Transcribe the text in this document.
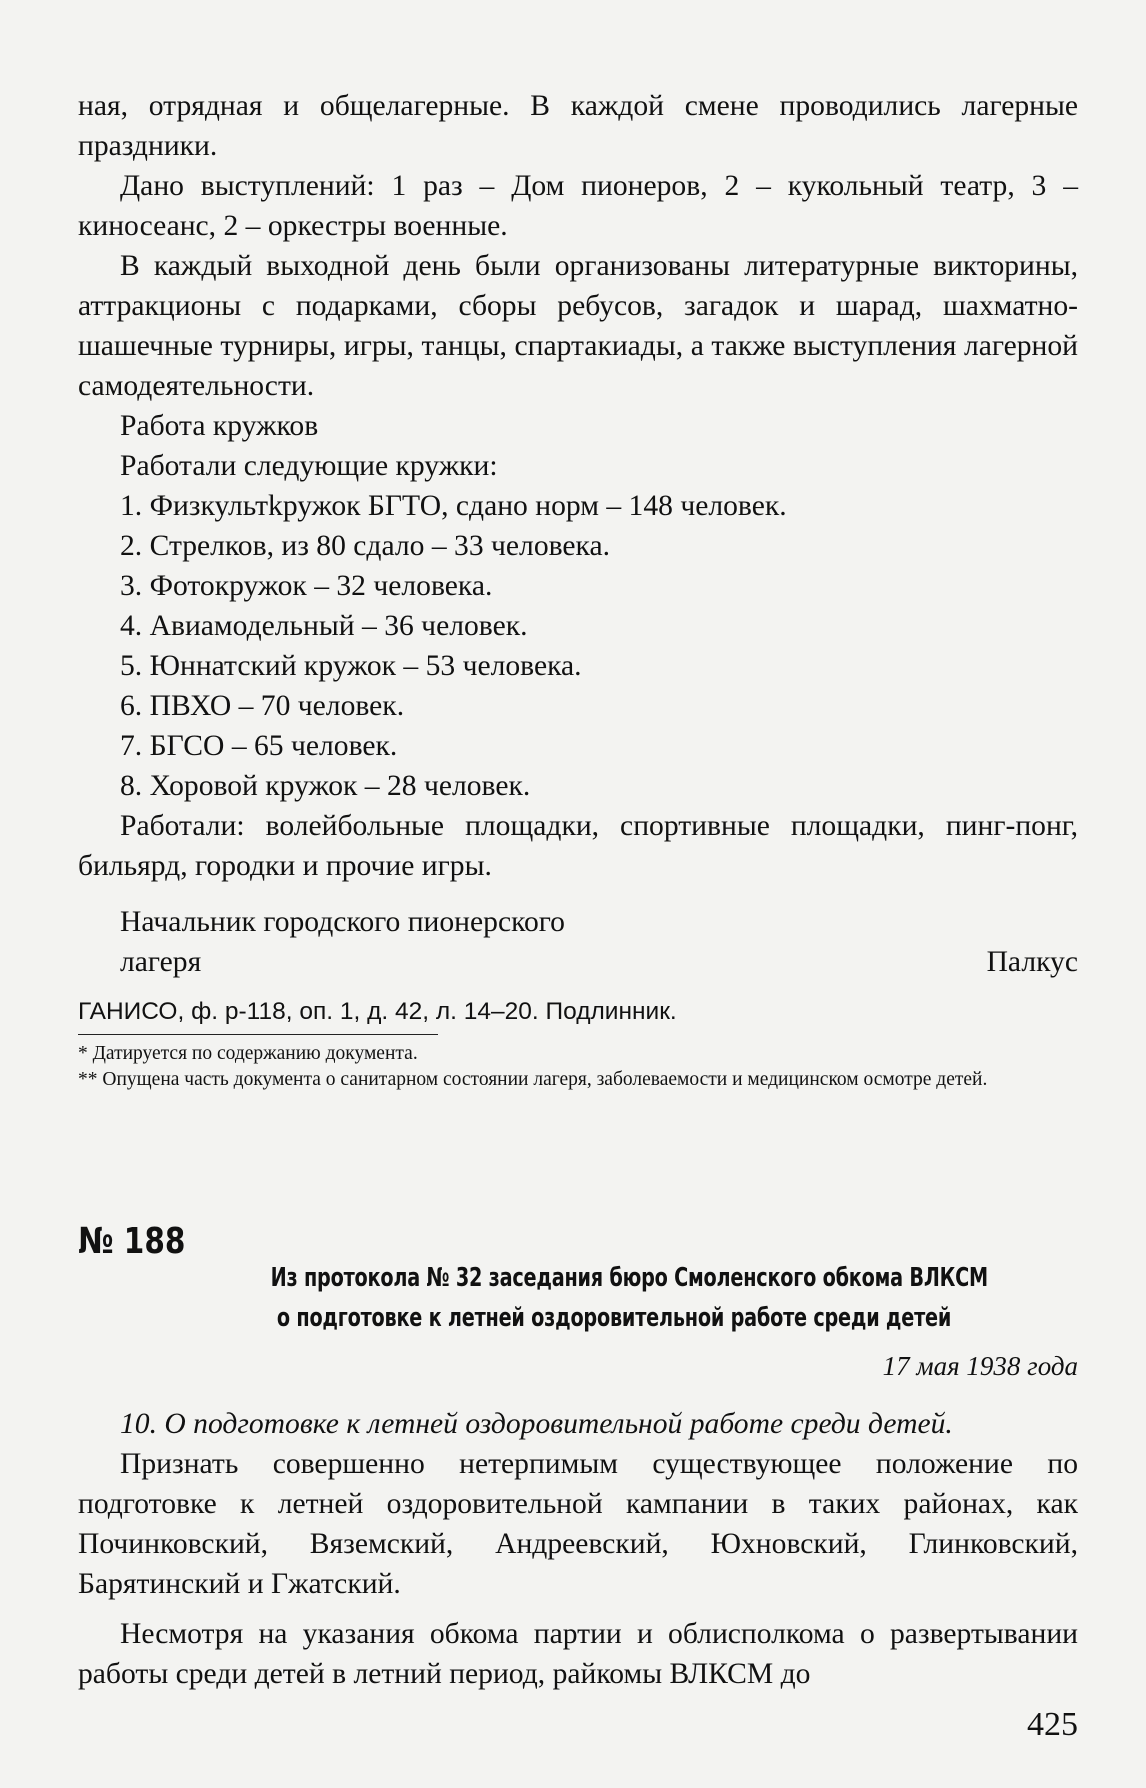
ная, отрядная и общелагерные. В каждой смене проводились лагерные праздники.

Дано выступлений: 1 раз – Дом пионеров, 2 – кукольный театр, 3 – киносеанс, 2 – оркестры военные.

В каждый выходной день были организованы литературные викторины, аттракционы с подарками, сборы ребусов, загадок и шарад, шахматно-шашечные турниры, игры, танцы, спартакиады, а также выступления лагерной самодеятельности.

Работа кружков

Работали следующие кружки:

1. Физкультkружок БГТО, сдано норм – 148 человек.

2. Стрелков, из 80 сдало – 33 человека.

3. Фотокружок – 32 человека.

4. Авиамодельный – 36 человек.

5. Юннатский кружок – 53 человека.

6. ПВХО – 70 человек.

7. БГСО – 65 человек.

8. Хоровой кружок – 28 человек.

Работали: волейбольные площадки, спортивные площадки, пинг-понг, бильярд, городки и прочие игры.

Начальник городского пионерского
лагеря	Палкус

ГАНИСО, ф. р-118, оп. 1, д. 42, л. 14–20. Подлинник.

* Датируется по содержанию документа.

** Опущена часть документа о санитарном состоянии лагеря, заболеваемости и медицинском осмотре детей.

№ 188
Из протокола № 32 заседания бюро Смоленского обкома ВЛКСМ
о подготовке к летней оздоровительной работе среди детей
17 мая 1938 года

10. О подготовке к летней оздоровительной работе среди детей.

Признать совершенно нетерпимым существующее положение по подготовке к летней оздоровительной кампании в таких районах, как Починковский, Вяземский, Андреевский, Юхновский, Глинковский, Барятинский и Гжатский.

Несмотря на указания обкома партии и облисполкома о развертывании работы среди детей в летний период, райкомы ВЛКСМ до

425
